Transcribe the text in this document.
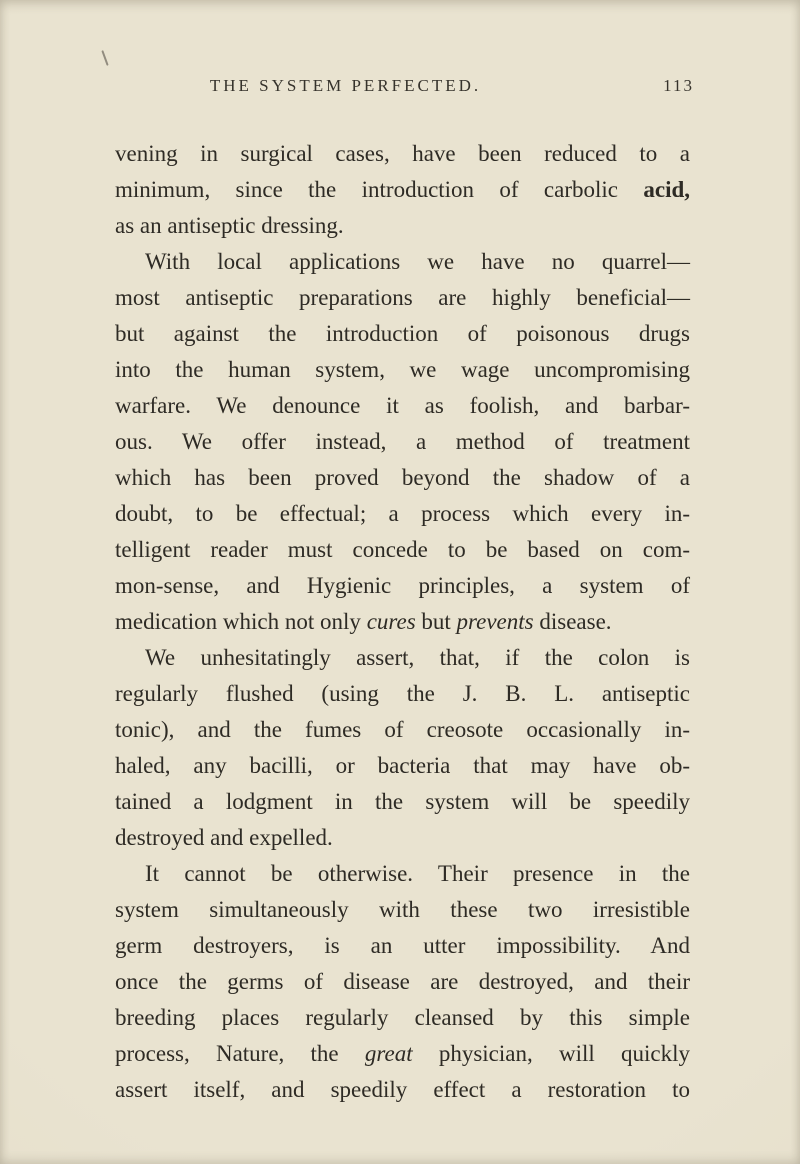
THE SYSTEM PERFECTED.	113
vening in surgical cases, have been reduced to a
minimum, since the introduction of carbolic acid,
as an antiseptic dressing.
With local applications we have no quarrel—
most antiseptic preparations are highly beneficial—
but against the introduction of poisonous drugs
into the human system, we wage uncompromising
warfare. We denounce it as foolish, and barbar-
ous. We offer instead, a method of treatment
which has been proved beyond the shadow of a
doubt, to be effectual; a process which every in-
telligent reader must concede to be based on com-
mon-sense, and Hygienic principles, a system of
medication which not only cures but prevents disease.
We unhesitatingly assert, that, if the colon is
regularly flushed (using the J. B. L. antiseptic
tonic), and the fumes of creosote occasionally in-
haled, any bacilli, or bacteria that may have ob-
tained a lodgment in the system will be speedily
destroyed and expelled.
It cannot be otherwise. Their presence in the
system simultaneously with these two irresistible
germ destroyers, is an utter impossibility. And
once the germs of disease are destroyed, and their
breeding places regularly cleansed by this simple
process, Nature, the great physician, will quickly
assert itself, and speedily effect a restoration to
